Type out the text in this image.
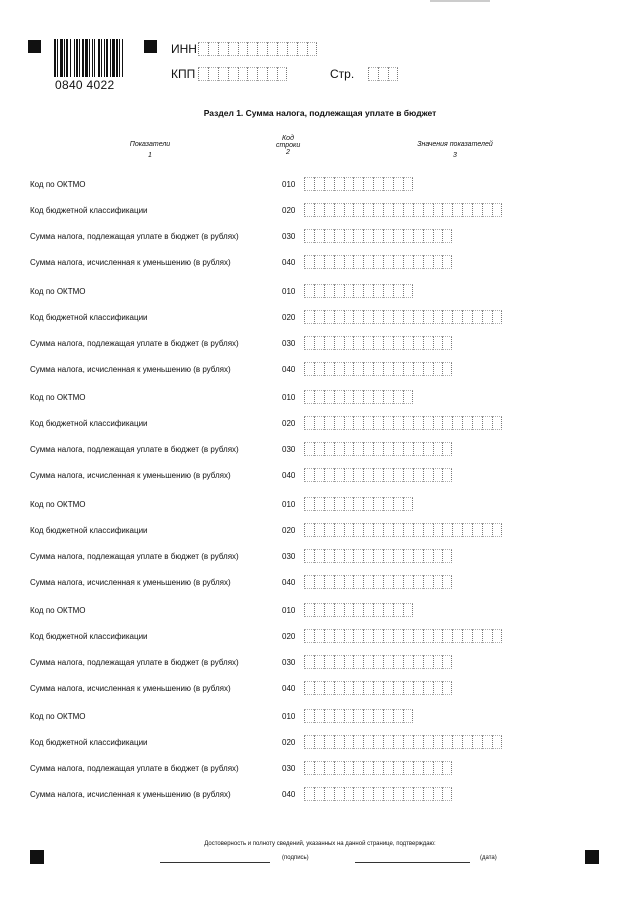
0840 4022
ИНН
КПП	Стр.
Раздел 1. Сумма налога, подлежащая уплате в бюджет
Показатели
1
Код строки
2
Значения показателей
3
Код по ОКТМО	010
Код бюджетной классификации	020
Сумма налога, подлежащая уплате в бюджет (в рублях)	030
Сумма налога, исчисленная к уменьшению (в рублях)	040
Код по ОКТМО	010
Код бюджетной классификации	020
Сумма налога, подлежащая уплате в бюджет (в рублях)	030
Сумма налога, исчисленная к уменьшению (в рублях)	040
Код по ОКТМО	010
Код бюджетной классификации	020
Сумма налога, подлежащая уплате в бюджет (в рублях)	030
Сумма налога, исчисленная к уменьшению (в рублях)	040
Код по ОКТМО	010
Код бюджетной классификации	020
Сумма налога, подлежащая уплате в бюджет (в рублях)	030
Сумма налога, исчисленная к уменьшению (в рублях)	040
Код по ОКТМО	010
Код бюджетной классификации	020
Сумма налога, подлежащая уплате в бюджет (в рублях)	030
Сумма налога, исчисленная к уменьшению (в рублях)	040
Код по ОКТМО	010
Код бюджетной классификации	020
Сумма налога, подлежащая уплате в бюджет (в рублях)	030
Сумма налога, исчисленная к уменьшению (в рублях)	040
Достоверность и полноту сведений, указанных на данной странице, подтверждаю:
(подпись)	(дата)
